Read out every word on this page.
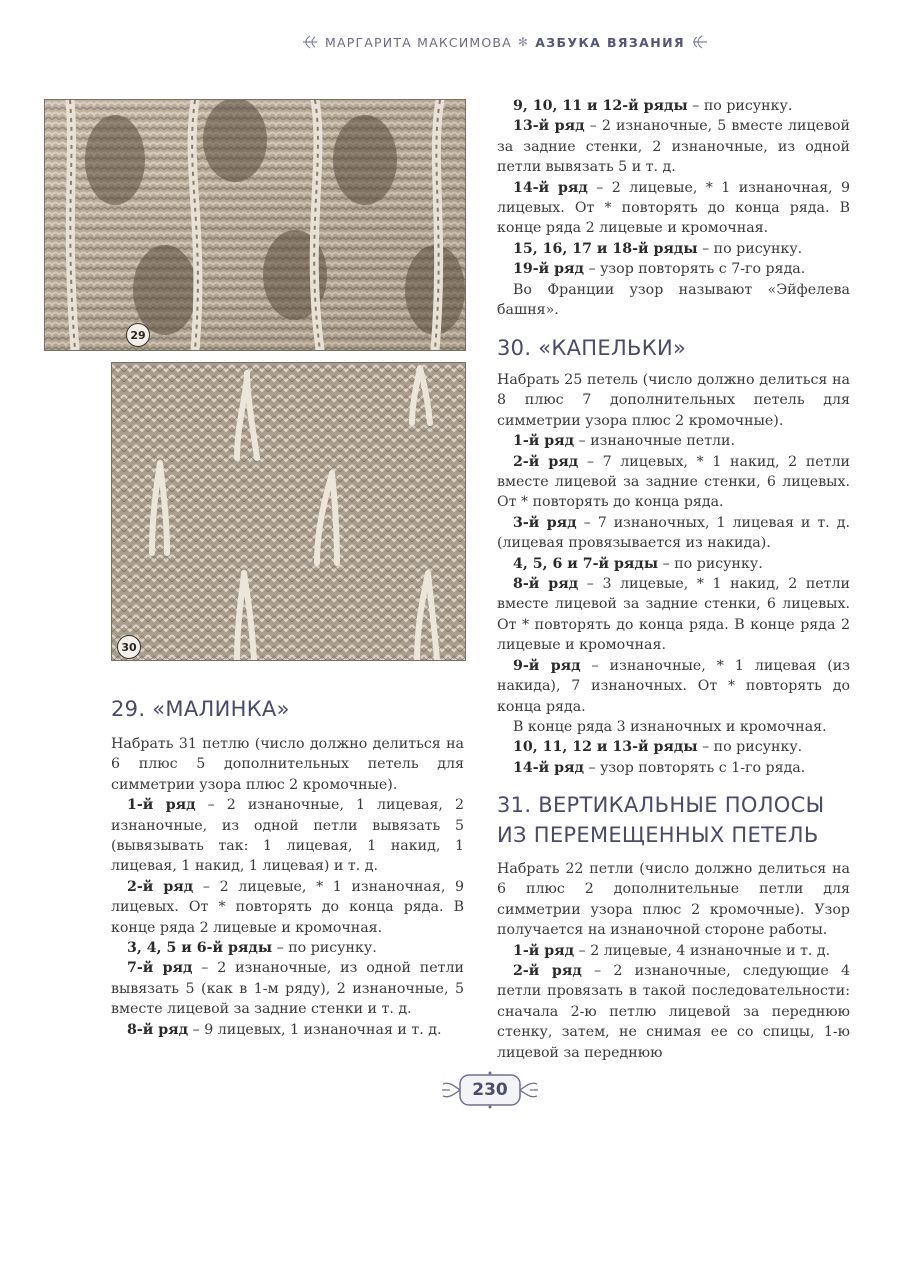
МАРГАРИТА МАКСИМОВА ✻ АЗБУКА ВЯЗАНИЯ
29
30

9, 10, 11 и 12-й ряды – по рисунку.

13-й ряд – 2 изнаночные, 5 вместе лицевой за задние стенки, 2 изнаночные, из одной петли вывязать 5 и т. д.

14-й ряд – 2 лицевые, * 1 изнаночная, 9 лицевых. От * повторять до конца ряда. В конце ряда 2 лицевые и кромочная.

15, 16, 17 и 18-й ряды – по рисунку.

19-й ряд – узор повторять с 7-го ряда.

Во Франции узор называют «Эйфелева башня».

30. «КАПЕЛЬКИ»

Набрать 25 петель (число должно делиться на 8 плюс 7 дополнительных петель для симметрии узора плюс 2 кромочные).

1-й ряд – изнаночные петли.

2-й ряд – 7 лицевых, * 1 накид, 2 петли вместе лицевой за задние стенки, 6 лицевых. От * повторять до конца ряда.

3-й ряд – 7 изнаночных, 1 лицевая и т. д. (лицевая провязывается из накида).

4, 5, 6 и 7-й ряды – по рисунку.

8-й ряд – 3 лицевые, * 1 накид, 2 петли вместе лицевой за задние стенки, 6 лицевых. От * повторять до конца ряда. В конце ряда 2 лицевые и кромочная.

9-й ряд – изнаночные, * 1 лицевая (из накида), 7 изнаночных. От * повторять до конца ряда.

В конце ряда 3 изнаночных и кромочная.

10, 11, 12 и 13-й ряды – по рисунку.

14-й ряд – узор повторять с 1-го ряда.

31. ВЕРТИКАЛЬНЫЕ ПОЛОСЫ
ИЗ ПЕРЕМЕЩЕННЫХ ПЕТЕЛЬ

Набрать 22 петли (число должно делиться на 6 плюс 2 дополнительные петли для симметрии узора плюс 2 кромочные). Узор получается на изнаночной стороне работы.

1-й ряд – 2 лицевые, 4 изнаночные и т. д.

2-й ряд – 2 изнаночные, следующие 4 петли провязать в такой последовательности: сначала 2-ю петлю лицевой за переднюю стенку, затем, не снимая ее со спицы, 1-ю лицевой за переднюю

29. «МАЛИНКА»

Набрать 31 петлю (число должно делиться на 6 плюс 5 дополнительных петель для симметрии узора плюс 2 кромочные).

1-й ряд – 2 изнаночные, 1 лицевая, 2 изнаночные, из одной петли вывязать 5 (вывязывать так: 1 лицевая, 1 накид, 1 лицевая, 1 накид, 1 лицевая) и т. д.

2-й ряд – 2 лицевые, * 1 изнаночная, 9 лицевых. От * повторять до конца ряда. В конце ряда 2 лицевые и кромочная.

3, 4, 5 и 6-й ряды – по рисунку.

7-й ряд – 2 изнаночные, из одной петли вывязать 5 (как в 1-м ряду), 2 изнаночные, 5 вместе лицевой за задние стенки и т. д.

8-й ряд – 9 лицевых, 1 изнаночная и т. д.

230
